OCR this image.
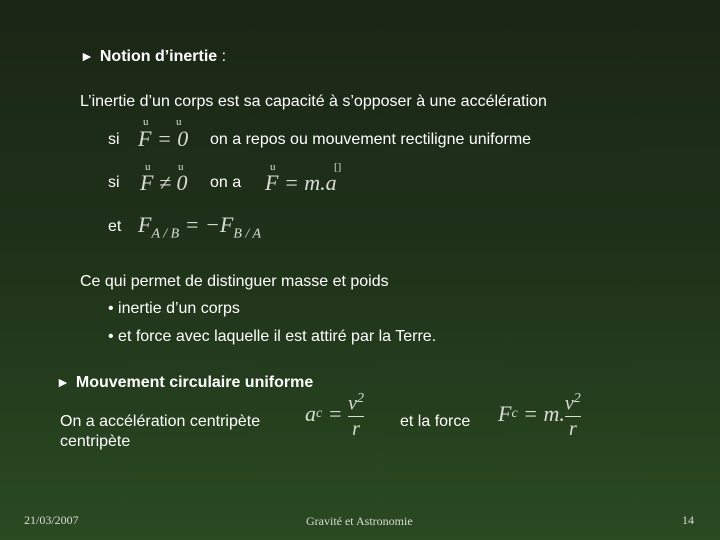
► Notion d’inertie :
L’inertie d’un corps est sa capacité à s’opposer à une accélération
si
u	u
F = 0 on a repos ou mouvement rectiligne uniforme
si
u	u
F ≠ 0 on a
u	[]
F = m.a
et $F_{A / B} = -F_{B / A}$
Ce qui permet de distinguer masse et poids
• inertie d’un corps
• et force avec laquelle il est attiré par la Terre.
► Mouvement circulaire uniforme
On a accélération centripète
centripète
a $c = \frac{v^2}{r}$ et la force F c = m. $\frac{v^2}{r}$
21/03/2007	Gravité et Astronomie	14
